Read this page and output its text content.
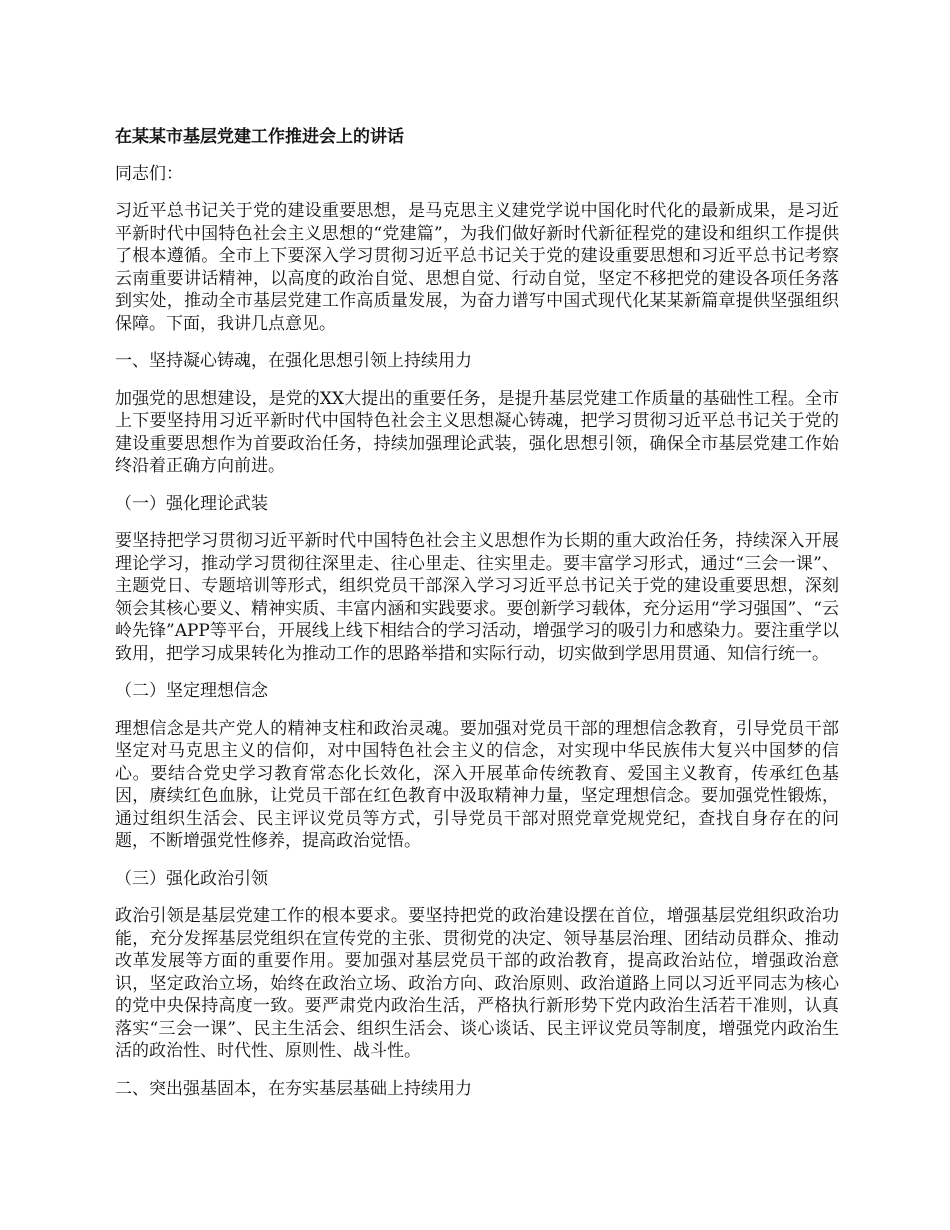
在某某市基层党建工作推进会上的讲话

同志们：

习近平总书记关于党的建设重要思想，是马克思主义建党学说中国化时代化的最新成果，是习近平新时代中国特色社会主义思想的“党建篇”，为我们做好新时代新征程党的建设和组织工作提供了根本遵循。全市上下要深入学习贯彻习近平总书记关于党的建设重要思想和习近平总书记考察云南重要讲话精神，以高度的政治自觉、思想自觉、行动自觉，坚定不移把党的建设各项任务落到实处，推动全市基层党建工作高质量发展，为奋力谱写中国式现代化某某新篇章提供坚强组织保障。下面，我讲几点意见。

一、坚持凝心铸魂，在强化思想引领上持续用力

加强党的思想建设，是党的XX大提出的重要任务，是提升基层党建工作质量的基础性工程。全市上下要坚持用习近平新时代中国特色社会主义思想凝心铸魂，把学习贯彻习近平总书记关于党的建设重要思想作为首要政治任务，持续加强理论武装，强化思想引领，确保全市基层党建工作始终沿着正确方向前进。

（一）强化理论武装

要坚持把学习贯彻习近平新时代中国特色社会主义思想作为长期的重大政治任务，持续深入开展理论学习，推动学习贯彻往深里走、往心里走、往实里走。要丰富学习形式，通过“三会一课”、主题党日、专题培训等形式，组织党员干部深入学习习近平总书记关于党的建设重要思想，深刻领会其核心要义、精神实质、丰富内涵和实践要求。要创新学习载体，充分运用“学习强国”、“云岭先锋”APP等平台，开展线上线下相结合的学习活动，增强学习的吸引力和感染力。要注重学以致用，把学习成果转化为推动工作的思路举措和实际行动，切实做到学思用贯通、知信行统一。

（二）坚定理想信念

理想信念是共产党人的精神支柱和政治灵魂。要加强对党员干部的理想信念教育，引导党员干部坚定对马克思主义的信仰，对中国特色社会主义的信念，对实现中华民族伟大复兴中国梦的信心。要结合党史学习教育常态化长效化，深入开展革命传统教育、爱国主义教育，传承红色基因，赓续红色血脉，让党员干部在红色教育中汲取精神力量，坚定理想信念。要加强党性锻炼，通过组织生活会、民主评议党员等方式，引导党员干部对照党章党规党纪，查找自身存在的问题，不断增强党性修养，提高政治觉悟。

（三）强化政治引领

政治引领是基层党建工作的根本要求。要坚持把党的政治建设摆在首位，增强基层党组织政治功能，充分发挥基层党组织在宣传党的主张、贯彻党的决定、领导基层治理、团结动员群众、推动改革发展等方面的重要作用。要加强对基层党员干部的政治教育，提高政治站位，增强政治意识，坚定政治立场，始终在政治立场、政治方向、政治原则、政治道路上同以习近平同志为核心的党中央保持高度一致。要严肃党内政治生活，严格执行新形势下党内政治生活若干准则，认真落实“三会一课”、民主生活会、组织生活会、谈心谈话、民主评议党员等制度，增强党内政治生活的政治性、时代性、原则性、战斗性。

二、突出强基固本，在夯实基层基础上持续用力
